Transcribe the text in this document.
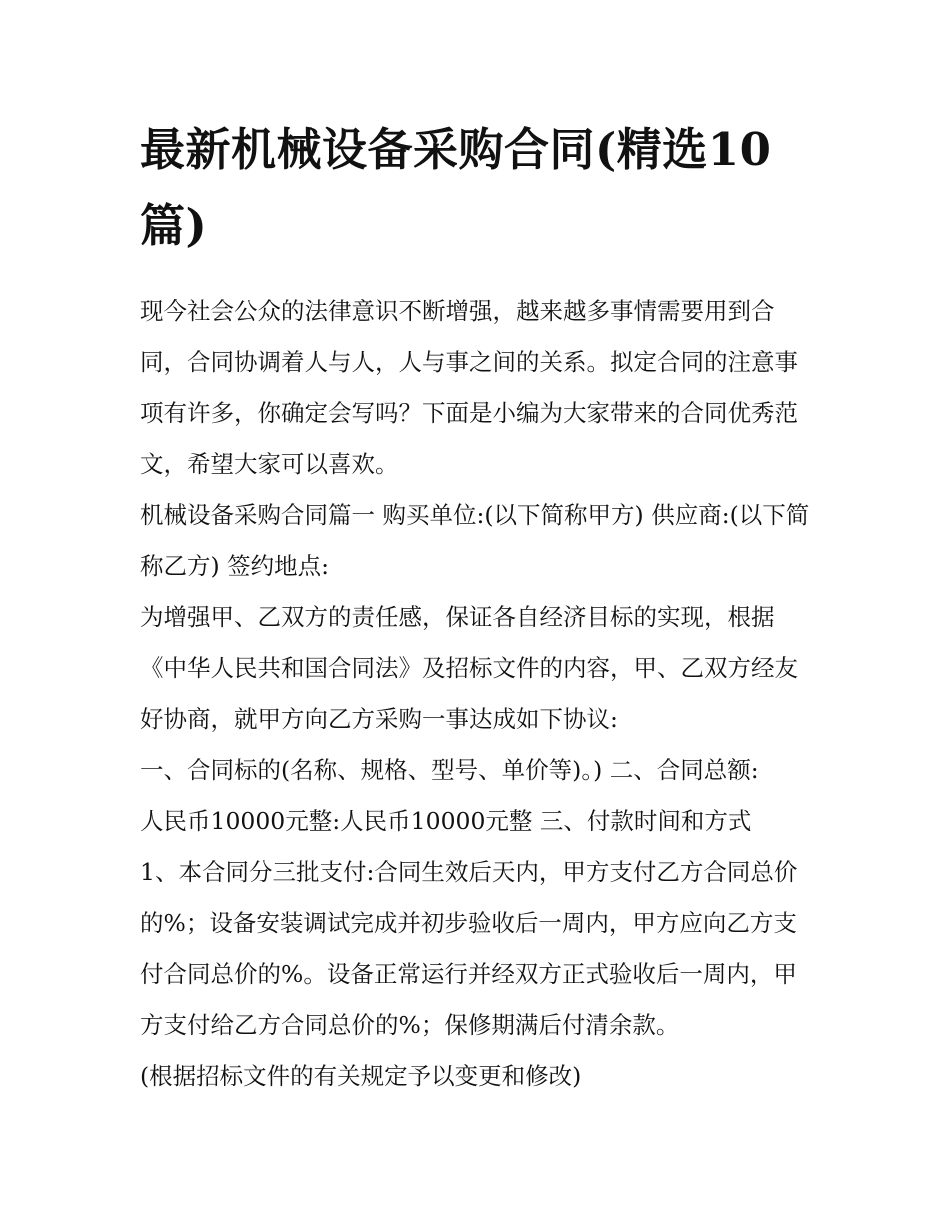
最新机械设备采购合同(精选10篇)

现今社会公众的法律意识不断增强，越来越多事情需要用到合同，合同协调着人与人，人与事之间的关系。拟定合同的注意事项有许多，你确定会写吗？下面是小编为大家带来的合同优秀范文，希望大家可以喜欢。

机械设备采购合同篇一 购买单位:(以下简称甲方) 供应商:(以下简称乙方) 签约地点:

为增强甲、乙双方的责任感，保证各自经济目标的实现，根据《中华人民共和国合同法》及招标文件的内容，甲、乙双方经友好协商，就甲方向乙方采购一事达成如下协议:

一、合同标的(名称、规格、型号、单价等)。) 二、合同总额:

人民币10000元整:人民币10000元整 三、付款时间和方式

1、本合同分三批支付:合同生效后天内，甲方支付乙方合同总价的%；设备安装调试完成并初步验收后一周内，甲方应向乙方支付合同总价的%。设备正常运行并经双方正式验收后一周内，甲方支付给乙方合同总价的%；保修期满后付清余款。

(根据招标文件的有关规定予以变更和修改)
